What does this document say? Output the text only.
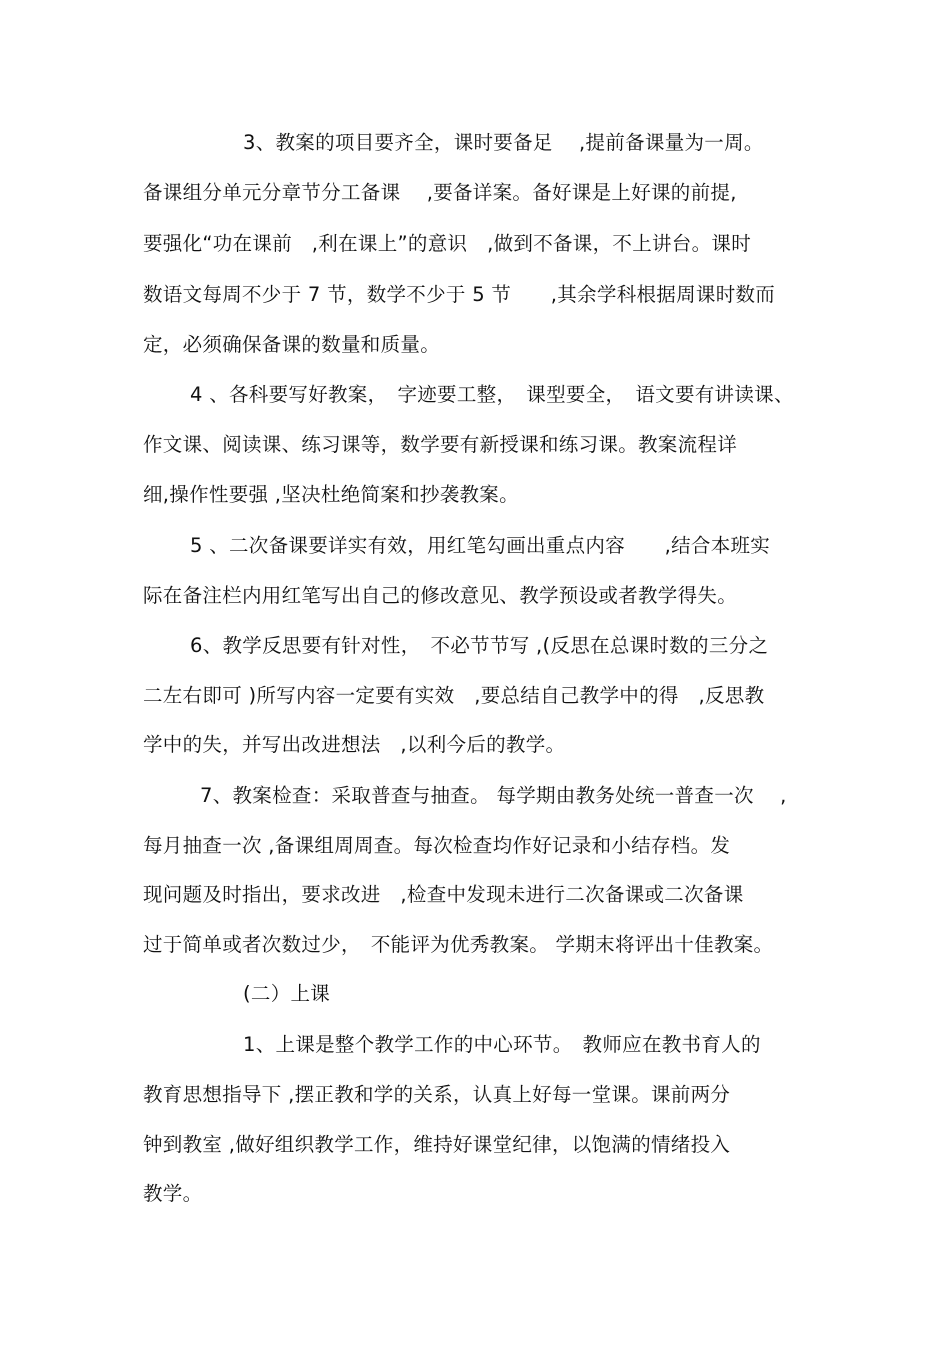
3、教案的项目要齐全，课时要备足　 ,提前备课量为一周。
备课组分单元分章节分工备课　 ,要备详案。备好课是上好课的前提,
要强化“功在课前　,利在课上”的意识　,做到不备课，不上讲台。课时
数语文每周不少于 7 节，数学不少于 5 节　　,其余学科根据周课时数而
定，必须确保备课的数量和质量。
4 、各科要写好教案，　字迹要工整，　课型要全，　语文要有讲读课、
作文课、阅读课、练习课等，数学要有新授课和练习课。教案流程详
细,操作性要强 ,坚决杜绝简案和抄袭教案。
5 、二次备课要详实有效，用红笔勾画出重点内容　　,结合本班实
际在备注栏内用红笔写出自己的修改意见、教学预设或者教学得失。
6、教学反思要有针对性，　不必节节写 ,(反思在总课时数的三分之
二左右即可 )所写内容一定要有实效　,要总结自己教学中的得　,反思教
学中的失，并写出改进想法　,以利今后的教学。
7、教案检查：采取普查与抽查。 每学期由教务处统一普查一次　 ,
每月抽查一次 ,备课组周周查。每次检查均作好记录和小结存档。发
现问题及时指出，要求改进　,检查中发现未进行二次备课或二次备课
过于简单或者次数过少，　不能评为优秀教案。 学期末将评出十佳教案。
(二）上课
1、上课是整个教学工作的中心环节。　教师应在教书育人的
教育思想指导下 ,摆正教和学的关系，认真上好每一堂课。课前两分
钟到教室 ,做好组织教学工作，维持好课堂纪律，以饱满的情绪投入
教学。
